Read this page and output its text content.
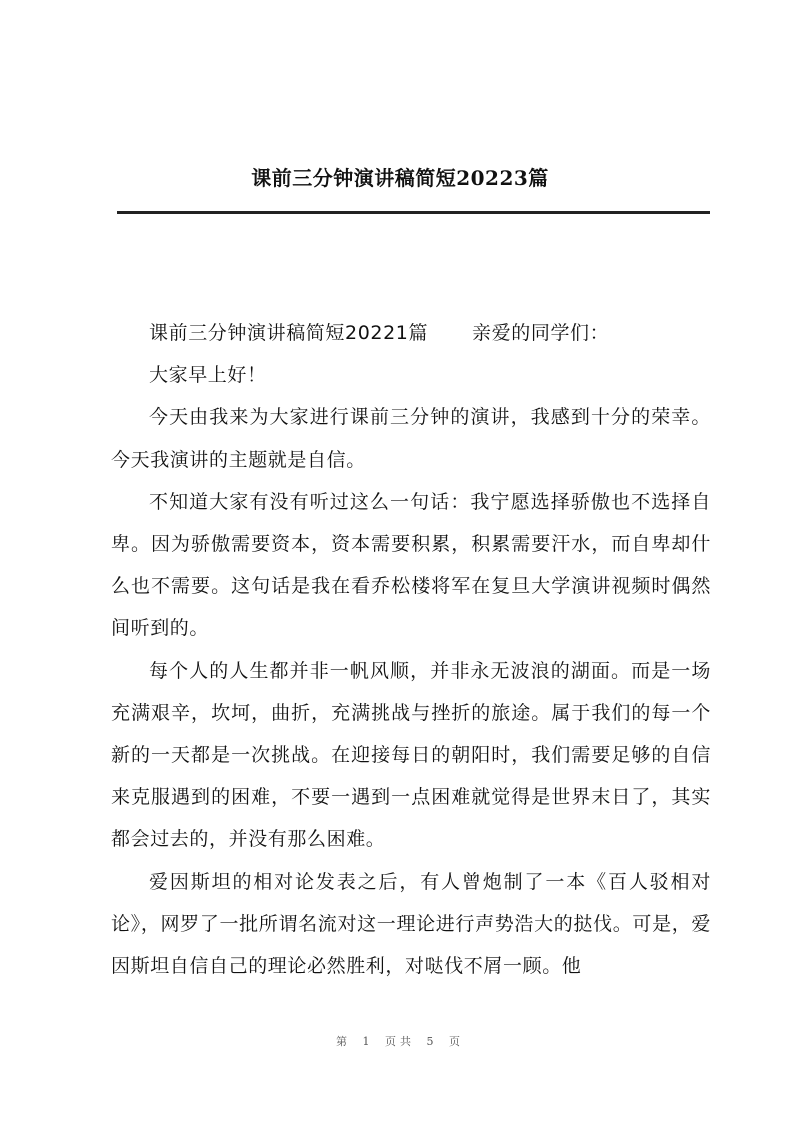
课前三分钟演讲稿简短20223篇

课前三分钟演讲稿简短20221篇 亲爱的同学们：

大家早上好！

今天由我来为大家进行课前三分钟的演讲，我感到十分的荣幸。今天我演讲的主题就是自信。

不知道大家有没有听过这么一句话：我宁愿选择骄傲也不选择自卑。因为骄傲需要资本，资本需要积累，积累需要汗水，而自卑却什么也不需要。这句话是我在看乔松楼将军在复旦大学演讲视频时偶然间听到的。

每个人的人生都并非一帆风顺，并非永无波浪的湖面。而是一场充满艰辛，坎坷，曲折，充满挑战与挫折的旅途。属于我们的每一个新的一天都是一次挑战。在迎接每日的朝阳时，我们需要足够的自信来克服遇到的困难，不要一遇到一点困难就觉得是世界末日了，其实都会过去的，并没有那么困难。

爱因斯坦的相对论发表之后，有人曾炮制了一本《百人驳相对论》，网罗了一批所谓名流对这一理论进行声势浩大的挞伐。可是，爱因斯坦自信自己的理论必然胜利，对哒伐不屑一顾。他

第 1 页共 5 页
